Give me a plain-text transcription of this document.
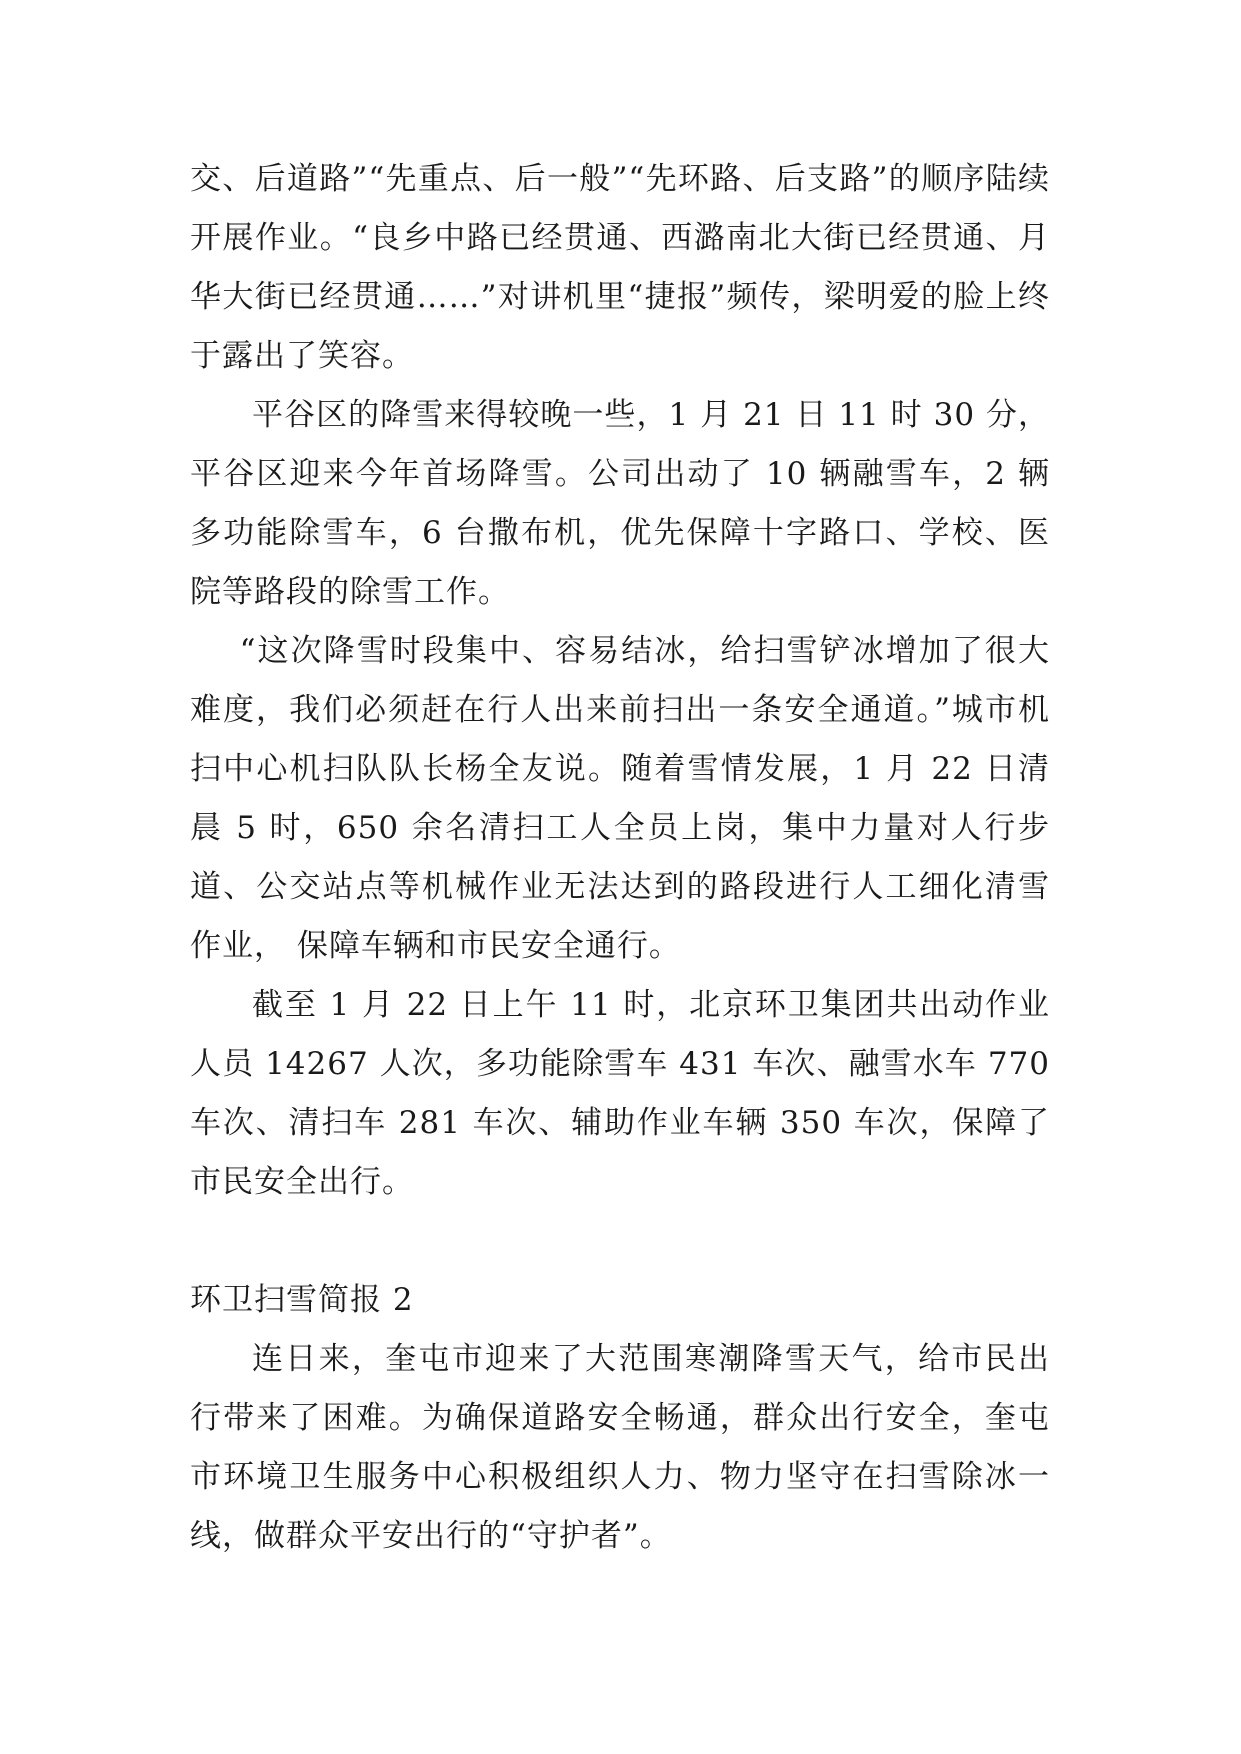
交、后道路”“先重点、后一般”“先环路、后支路”的顺序陆续开展作业。“良乡中路已经贯通、西潞南北大街已经贯通、月华大街已经贯通……”对讲机里“捷报”频传，梁明爱的脸上终于露出了笑容。

平谷区的降雪来得较晚一些，1 月 21 日 11 时 30 分，平谷区迎来今年首场降雪。公司出动了 10 辆融雪车，2 辆多功能除雪车，6 台撒布机，优先保障十字路口、学校、医院等路段的除雪工作。

“这次降雪时段集中、容易结冰，给扫雪铲冰增加了很大难度，我们必须赶在行人出来前扫出一条安全通道。”城市机扫中心机扫队队长杨全友说。随着雪情发展，1 月 22 日清晨 5 时，650 余名清扫工人全员上岗，集中力量对人行步道、公交站点等机械作业无法达到的路段进行人工细化清雪作业， 保障车辆和市民安全通行。

截至 1 月 22 日上午 11 时，北京环卫集团共出动作业人员 14267 人次，多功能除雪车 431 车次、融雪水车 770 车次、清扫车 281 车次、辅助作业车辆 350 车次，保障了市民安全出行。

环卫扫雪简报 2

连日来，奎屯市迎来了大范围寒潮降雪天气，给市民出行带来了困难。为确保道路安全畅通，群众出行安全，奎屯市环境卫生服务中心积极组织人力、物力坚守在扫雪除冰一线，做群众平安出行的“守护者”。
